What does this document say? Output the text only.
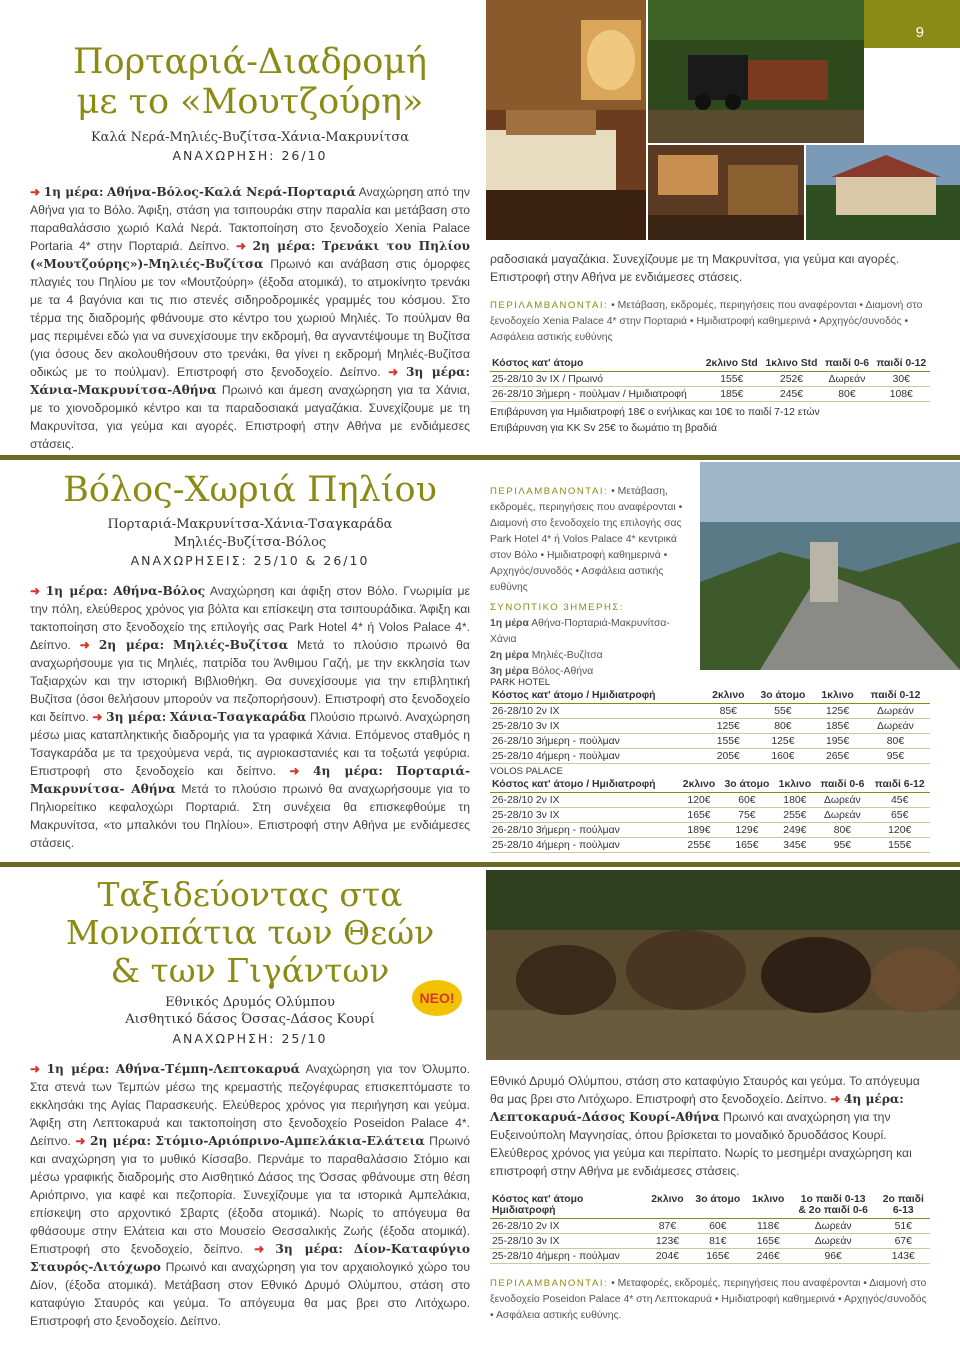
9
Πορταριά-Διαδρομή
με το «Μουτζούρη»
Καλά Νερά-Μηλιές-Βυζίτσα-Χάνια-Μακρυνίτσα
ΑΝΑΧΩΡΗΣΗ: 26/10

➜ 1η μέρα: Αθήνα-Βόλος-Καλά Νερά-Πορταριά Αναχώρηση από την Αθήνα για το Βόλο. Άφιξη, στάση για τσιπουράκι στην παραλία και μετάβαση στο παραθαλάσσιο χωριό Καλά Νερά. Τακτοποίηση στο ξενοδοχείο Xenia Palace Portaria 4* στην Πορταριά. Δείπνο. ➜ 2η μέρα: Τρενάκι του Πηλίου («Μουτζούρης»)-Μηλιές-Βυζίτσα Πρωινό και ανάβαση στις όμορφες πλαγιές του Πηλίου με τον «Μουτζούρη» (έξοδα ατομικά), το ατμοκίνητο τρενάκι με τα 4 βαγόνια και τις πιο στενές σιδηροδρομικές γραμμές του κόσμου. Στο τέρμα της διαδρομής φθάνουμε στο κέντρο του χωριού Μηλιές. Το πούλμαν θα μας περιμένει εδώ για να συνεχίσουμε την εκδρομή, θα αγναντέψουμε τη Βυζίτσα (για όσους δεν ακολουθήσουν στο τρενάκι, θα γίνει η εκδρομή Μηλιές-Βυζίτσα οδικώς με το πούλμαν). Επιστροφή στο ξενοδοχείο. Δείπνο. ➜ 3η μέρα: Χάνια-Μακρυνίτσα-Αθήνα Πρωινό και άμεση αναχώρηση για τα Χάνια, με το χιονοδρομικό κέντρο και τα παραδοσιακά μαγαζάκια. Συνεχίζουμε με τη Μακρυνίτσα, για γεύμα και αγορές. Επιστροφή στην Αθήνα με ενδιάμεσες στάσεις.

ραδοσιακά μαγαζάκια. Συνεχίζουμε με τη Μακρυνίτσα, για γεύμα και αγορές. Επιστροφή στην Αθήνα με ενδιάμεσες στάσεις.
ΠΕΡΙΛΑΜΒΑΝΟΝΤΑΙ: • Μετάβαση, εκδρομές, περιηγήσεις που αναφέρονται • Διαμονή στο ξενοδοχείο Xenia Palace 4* στην Πορταριά • Ημιδιατροφή καθημερινά • Αρχηγός/συνοδός • Ασφάλεια αστικής ευθύνης
Κόστος κατ' άτομο	2κλινο Std	1κλινο Std	παιδί 0-6	παιδί 0-12
25-28/10 3ν ΙΧ / Πρωινό	155€	252€	Δωρεάν	30€
26-28/10 3ήμερη - πούλμαν / Ημιδιατροφή	185€	245€	80€	108€
Επιβάρυνση για Ημιδιατροφή 18€ ο ενήλικας και 10€ το παιδί 7-12 ετών
Επιβάρυνση για ΚΚ Sv 25€ το δωμάτιο τη βραδιά
Βόλος-Χωριά Πηλίου
Πορταριά-Μακρυνίτσα-Χάνια-Τσαγκαράδα
Μηλιές-Βυζίτσα-Βόλος
ΑΝΑΧΩΡΗΣΕΙΣ: 25/10 & 26/10

➜ 1η μέρα: Αθήνα-Βόλος Αναχώρηση και άφιξη στον Βόλο. Γνωριμία με την πόλη, ελεύθερος χρόνος για βόλτα και επίσκεψη στα τσιπουράδικα. Άφιξη και τακτοποίηση στο ξενοδοχείο της επιλογής σας Park Hotel 4* ή Volos Palace 4*. Δείπνο. ➜ 2η μέρα: Μηλιές-Βυζίτσα Μετά το πλούσιο πρωινό θα αναχωρήσουμε για τις Μηλιές, πατρίδα του Άνθιμου Γαζή, με την εκκλησία των Ταξιαρχών και την ιστορική Βιβλιοθήκη. Θα συνεχίσουμε για την επιβλητική Βυζίτσα (όσοι θελήσουν μπορούν να πεζοπορήσουν). Επιστροφή στο ξενοδοχείο και δείπνο. ➜ 3η μέρα: Χάνια-Τσαγκαράδα Πλούσιο πρωινό. Αναχώρηση μέσω μιας καταπληκτικής διαδρομής για τα γραφικά Χάνια. Επόμενος σταθμός η Τσαγκαράδα με τα τρεχούμενα νερά, τις αγριοκαστανιές και τα τοξωτά γεφύρια. Επιστροφή στο ξενοδοχείο και δείπνο. ➜ 4η μέρα: Πορταριά-Μακρυνίτσα- Αθήνα Μετά το πλούσιο πρωινό θα αναχωρήσουμε για το Πηλιορείτικο κεφαλοχώρι Πορταριά. Στη συνέχεια θα επισκεφθούμε τη Μακρυνίτσα, «το μπαλκόνι του Πηλίου». Επιστροφή στην Αθήνα με ενδιάμεσες στάσεις.

ΠΕΡΙΛΑΜΒΑΝΟΝΤΑΙ: • Μετάβαση, εκδρομές, περιηγήσεις που αναφέρονται • Διαμονή στο ξενοδοχείο της επιλογής σας Park Hotel 4* ή Volos Palace 4* κεντρικά στον Βόλο • Ημιδιατροφή καθημερινά • Αρχηγός/συνοδός • Ασφάλεια αστικής ευθύνης
ΣΥΝΟΠΤΙΚΟ 3ΗΜΕΡΗΣ:
1η μέρα Αθήνα-Πορταριά-Μακρυνίτσα-Χάνια
2η μέρα Μηλιές-Βυζίτσα
3η μέρα Βόλος-Αθήνα
PARK HOTEL
Κόστος κατ' άτομο / Ημιδιατροφή	2κλινο	3ο άτομο	1κλινο	παιδί 0-12
26-28/10 2ν ΙΧ	85€	55€	125€	Δωρεάν
25-28/10 3ν ΙΧ	125€	80€	185€	Δωρεάν
26-28/10 3ήμερη - πούλμαν	155€	125€	195€	80€
25-28/10 4ήμερη - πούλμαν	205€	160€	265€	95€
VOLOS PALACE
Κόστος κατ' άτομο / Ημιδιατροφή	2κλινο	3ο άτομο	1κλινο	παιδί 0-6	παιδί 6-12
26-28/10 2ν ΙΧ	120€	60€	180€	Δωρεάν	45€
25-28/10 3ν ΙΧ	165€	75€	255€	Δωρεάν	65€
26-28/10 3ήμερη - πούλμαν	189€	129€	249€	80€	120€
25-28/10 4ήμερη - πούλμαν	255€	165€	345€	95€	155€
Ταξιδεύοντας στα
Μονοπάτια των Θεών
& των Γιγάντων
ΝΕΟ!
Εθνικός Δρυμός Ολύμπου
Αισθητικό δάσος Όσσας-Δάσος Κουρί
ΑΝΑΧΩΡΗΣΗ: 25/10

➜ 1η μέρα: Αθήνα-Τέμπη-Λεπτοκαρυά Αναχώρηση για τον Όλυμπο. Στα στενά των Τεμπών μέσω της κρεμαστής πεζογέφυρας επισκεπτόμαστε το εκκλησάκι της Αγίας Παρασκευής. Ελεύθερος χρόνος για περιήγηση και γεύμα. Άφιξη στη Λεπτοκαρυά και τακτοποίηση στο ξενοδοχείο Poseidon Palace 4*. Δείπνο. ➜ 2η μέρα: Στόμιο-Αριόπρινο-Αμπελάκια-Ελάτεια Πρωινό και αναχώρηση για το μυθικό Κίσσαβο. Περνάμε το παραθαλάσσιο Στόμιο και μέσω γραφικής διαδρομής στο Αισθητικό Δάσος της Όσσας φθάνουμε στη θέση Αριόπρινο, για καφέ και πεζοπορία. Συνεχίζουμε για τα ιστορικά Αμπελάκια, επίσκεψη στο αρχοντικό Σβαρτς (έξοδα ατομικά). Νωρίς το απόγευμα θα φθάσουμε στην Ελάτεια και στο Μουσείο Θεσσαλικής Ζωής (έξοδα ατομικά). Επιστροφή στο ξενοδοχείο, δείπνο. ➜ 3η μέρα: Δίον-Καταφύγιο Σταυρός-Λιτόχωρο Πρωινό και αναχώρηση για τον αρχαιολογικό χώρο του Δίον, (έξοδα ατομικά). Μετάβαση στον Εθνικό Δρυμό Ολύμπου, στάση στο καταφύγιο Σταυρός και γεύμα. Το απόγευμα θα μας βρει στο Λιτόχωρο. Επιστροφή στο ξενοδοχείο. Δείπνο.

Εθνικό Δρυμό Ολύμπου, στάση στο καταφύγιο Σταυρός και γεύμα. Το απόγευμα θα μας βρει στο Λιτόχωρο. Επιστροφή στο ξενοδοχείο. Δείπνο. ➜ 4η μέρα: Λεπτοκαρυά-Δάσος Κουρί-Αθήνα Πρωινό και αναχώρηση για την Ευξεινούπολη Μαγνησίας, όπου βρίσκεται το μοναδικό δρυοδάσος Κουρί. Ελεύθερος χρόνος για γεύμα και περίπατο. Νωρίς το μεσημέρι αναχώρηση και επιστροφή στην Αθήνα με ενδιάμεσες στάσεις.

Κόστος κατ' άτομο	2κλινο	3ο άτομο	1κλινο	1ο παιδί 0-13	2ο παιδί
Ημιδιατροφή				& 2ο παιδί 0-6	6-13
26-28/10 2ν ΙΧ	87€	60€	118€	Δωρεάν	51€
25-28/10 3ν ΙΧ	123€	81€	165€	Δωρεάν	67€
25-28/10 4ήμερη - πούλμαν	204€	165€	246€	96€	143€
ΠΕΡΙΛΑΜΒΑΝΟΝΤΑΙ: • Μεταφορές, εκδρομές, περιηγήσεις που αναφέρονται • Διαμονή στο ξενοδοχείο Poseidon Palace 4* στη Λεπτοκαρυά • Ημιδιατροφή καθημερινά • Αρχηγός/συνοδός • Ασφάλεια αστικής ευθύνης.
